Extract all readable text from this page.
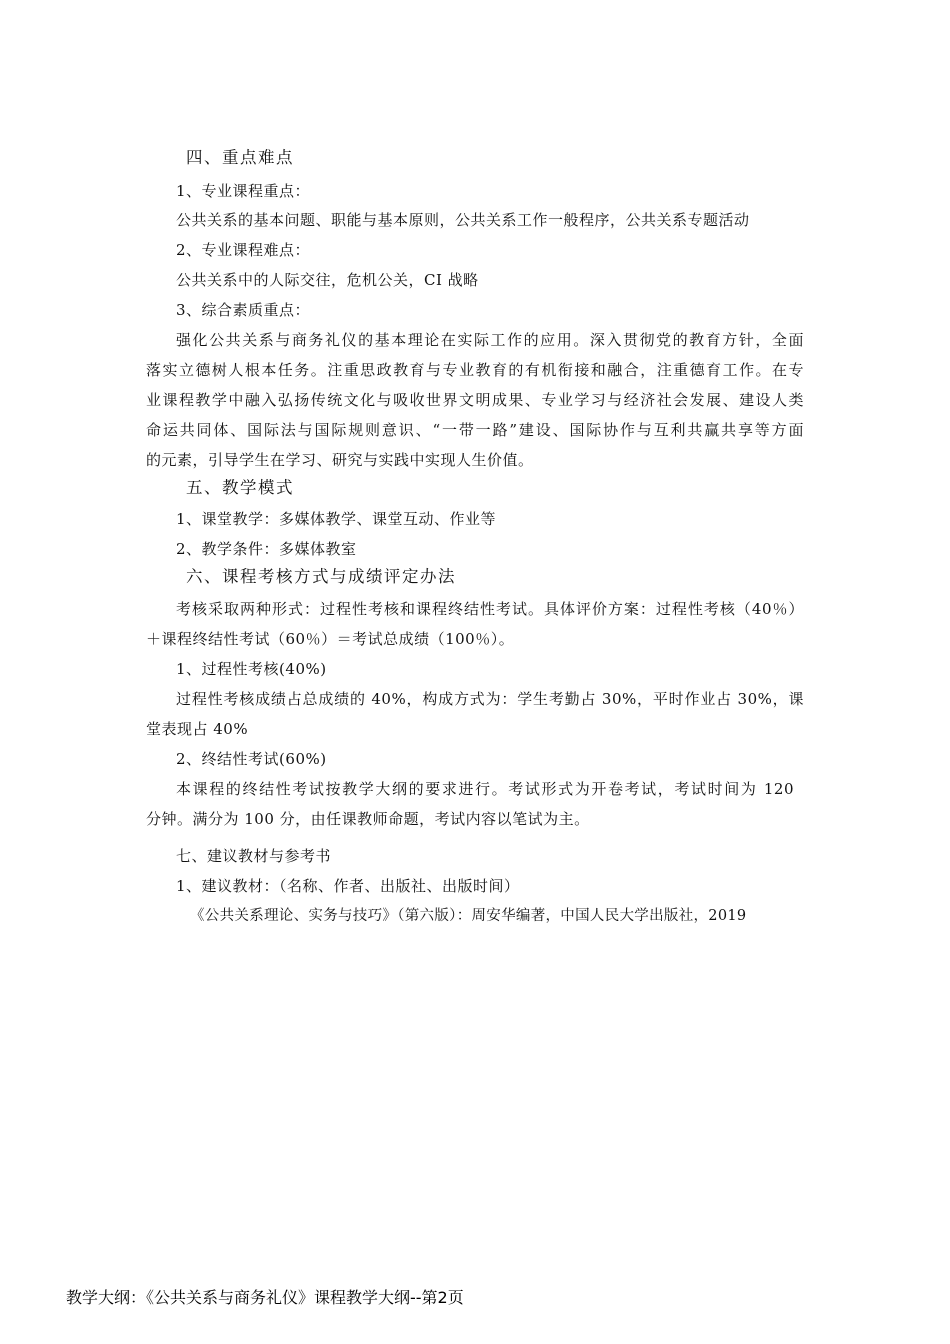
四、重点难点
1、专业课程重点：
公共关系的基本问题、职能与基本原则，公共关系工作一般程序，公共关系专题活动
2、专业课程难点：
公共关系中的人际交往，危机公关，CI 战略
3、综合素质重点：
强化公共关系与商务礼仪的基本理论在实际工作的应用。深入贯彻党的教育方针，全面
落实立德树人根本任务。注重思政教育与专业教育的有机衔接和融合，注重德育工作。在专
业课程教学中融入弘扬传统文化与吸收世界文明成果、专业学习与经济社会发展、建设人类
命运共同体、国际法与国际规则意识、“一带一路”建设、国际协作与互利共赢共享等方面
的元素，引导学生在学习、研究与实践中实现人生价值。
五、教学模式
1、课堂教学：多媒体教学、课堂互动、作业等
2、教学条件：多媒体教室
六、课程考核方式与成绩评定办法
考核采取两种形式：过程性考核和课程终结性考试。具体评价方案：过程性考核（40％）
＋课程终结性考试（60％）＝考试总成绩（100％）。
1、过程性考核(40%)
过程性考核成绩占总成绩的 40%，构成方式为：学生考勤占 30%，平时作业占 30%，课
堂表现占 40%
2、终结性考试(60%)
本课程的终结性考试按教学大纲的要求进行。考试形式为开卷考试，考试时间为 120
分钟。满分为 100 分，由任课教师命题，考试内容以笔试为主。
七、建议教材与参考书
1、建议教材：（名称、作者、出版社、出版时间）
《公共关系理论、实务与技巧》（第六版）：周安华编著，中国人民大学出版社，2019
教学大纲：《公共关系与商务礼仪》课程教学大纲--第2页
